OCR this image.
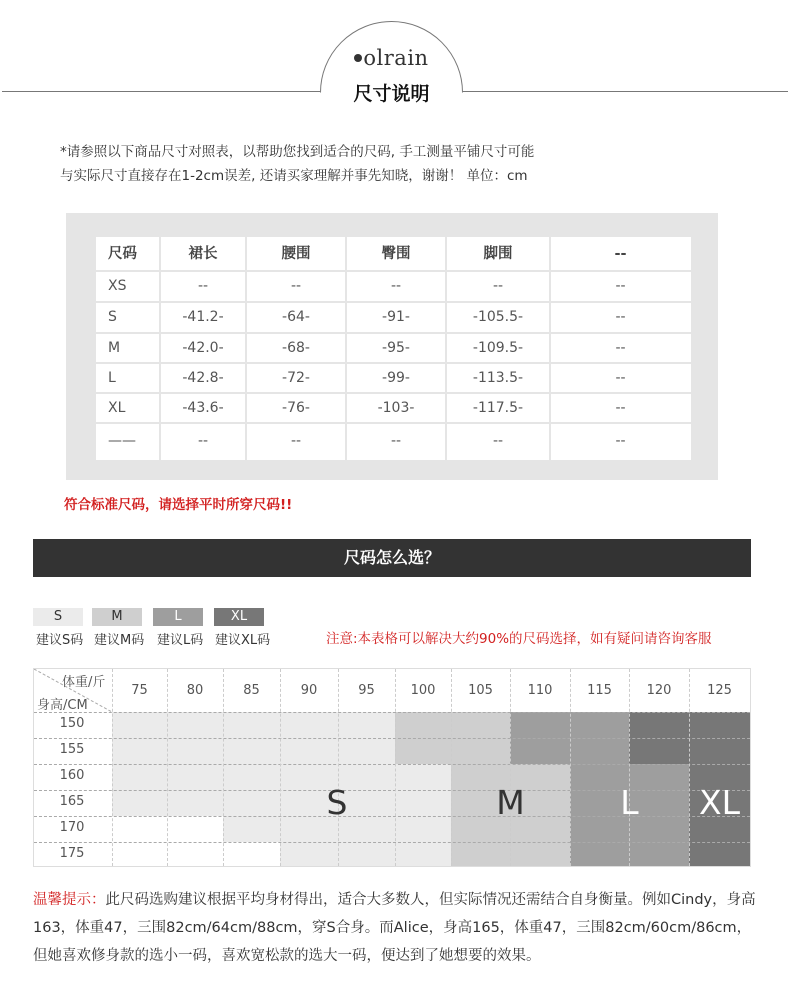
olrain
尺寸说明
*请参照以下商品尺寸对照表，以帮助您找到适合的尺码, 手工测量平铺尺寸可能
与实际尺寸直接存在1-2cm误差, 还请买家理解并事先知晓，谢谢！ 单位：cm
尺码	裙长	腰围	臀围	脚围	--
XS	--	--	--	--	--
S	-41.2-	-64-	-91-	-105.5-	--
M	-42.0-	-68-	-95-	-109.5-	--
L	-42.8-	-72-	-99-	-113.5-	--
XL	-43.6-	-76-	-103-	-117.5-	--
——	--	--	--	--	--
符合标准尺码，请选择平时所穿尺码!!
尺码怎么选？
S
建议S码
M
建议M码
L
建议L码
XL
建议XL码	注意:本表格可以解决大约90%的尺码选择，如有疑问请咨询客服
体重/斤
身高/CM
75	80	85	90	95	100	105	110	115	120	125
150
155
160
165
170
175
S	M	L	XL
温馨提示：此尺码选购建议根据平均身材得出，适合大多数人，但实际情况还需结合自身衡量。例如Cindy，身高163，体重47，三围82cm/64cm/88cm，穿S合身。而Alice，身高165，体重47，三围82cm/60cm/86cm，但她喜欢修身款的选小一码，喜欢宽松款的选大一码，便达到了她想要的效果。
